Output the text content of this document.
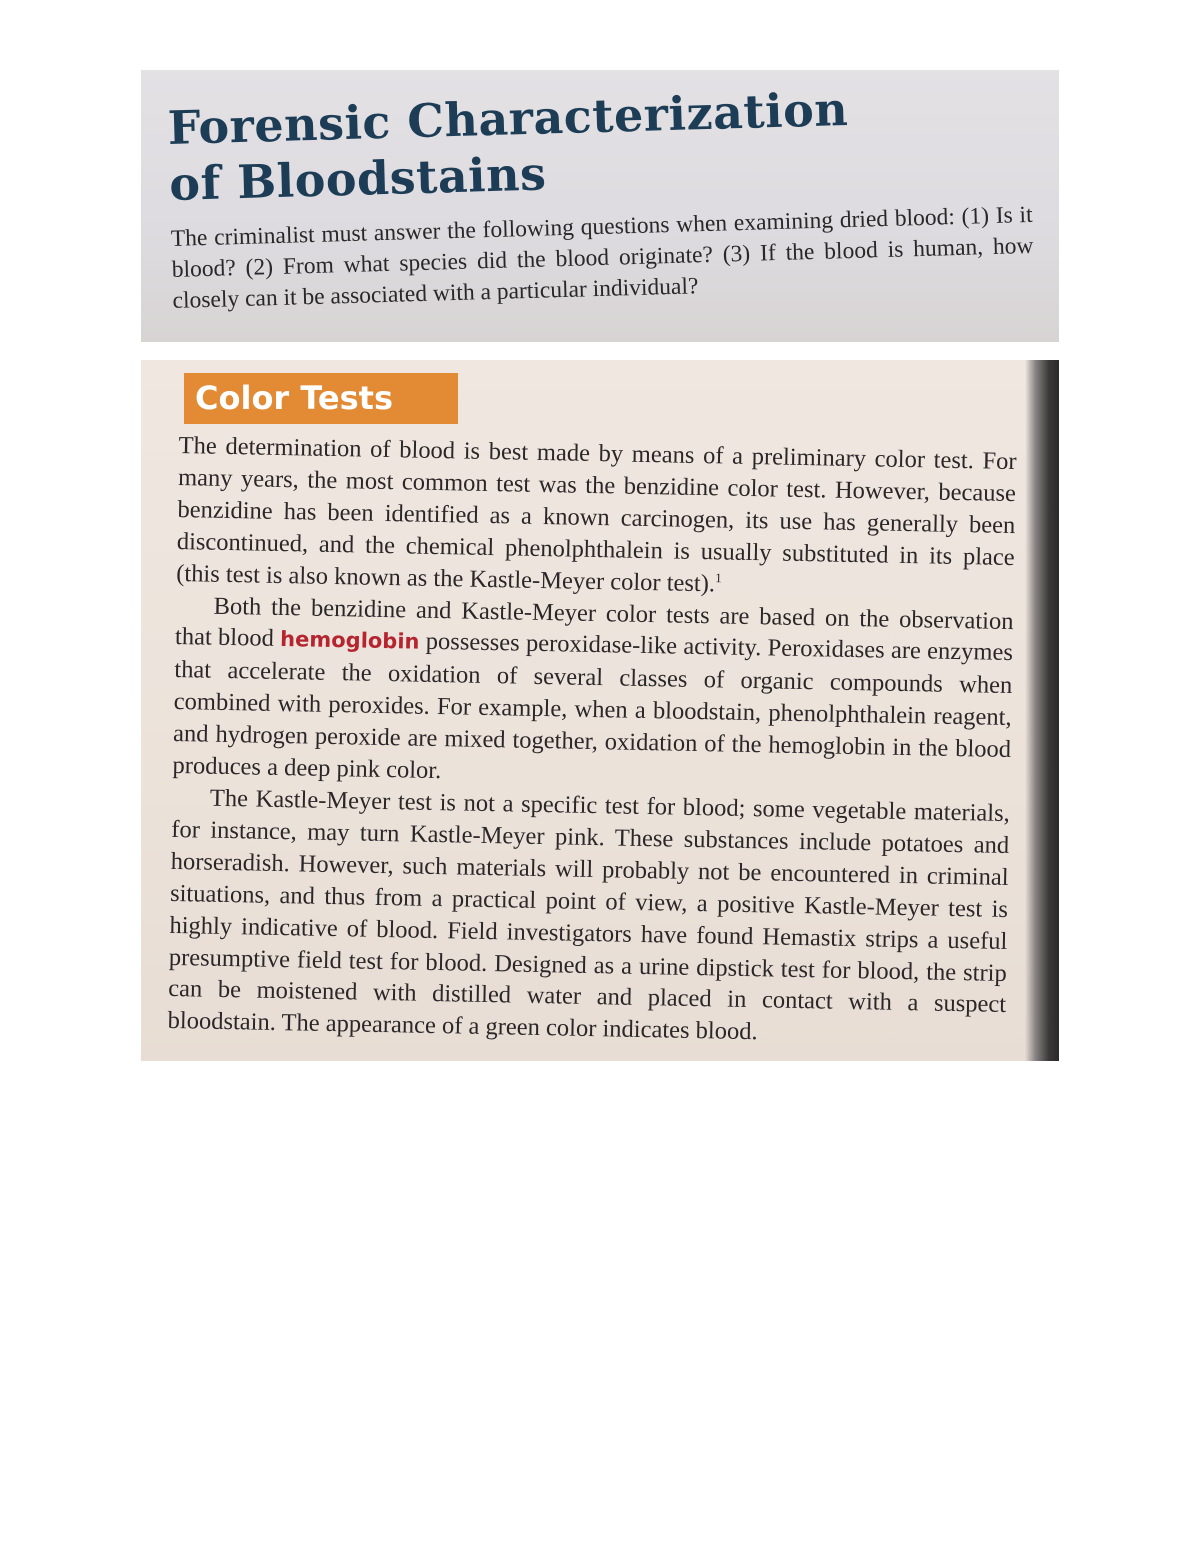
Forensic Characterization
of Bloodstains

The criminalist must answer the following questions when examining dried blood: (1) Is it blood? (2) From what species did the blood originate? (3) If the blood is human, how closely can it be associated with a particular individual?

Color Tests

The determination of blood is best made by means of a preliminary color test. For many years, the most common test was the benzidine color test. However, because benzidine has been identified as a known carcinogen, its use has generally been discontinued, and the chemical phenolphthalein is usually substituted in its place (this test is also known as the Kastle-Meyer color test).$^1$

Both the benzidine and Kastle-Meyer color tests are based on the observation that blood hemoglobin possesses peroxidase-like activity. Peroxidases are enzymes that accelerate the oxidation of several classes of organic compounds when combined with peroxides. For example, when a bloodstain, phenolphthalein reagent, and hydrogen peroxide are mixed together, oxidation of the hemoglobin in the blood produces a deep pink color.

The Kastle-Meyer test is not a specific test for blood; some vegetable materials, for instance, may turn Kastle-Meyer pink. These substances include potatoes and horseradish. However, such materials will probably not be encountered in criminal situations, and thus from a practical point of view, a positive Kastle-Meyer test is highly indicative of blood. Field investigators have found Hemastix strips a useful presumptive field test for blood. Designed as a urine dipstick test for blood, the strip can be moistened with distilled water and placed in contact with a suspect bloodstain. The appearance of a green color indicates blood.
